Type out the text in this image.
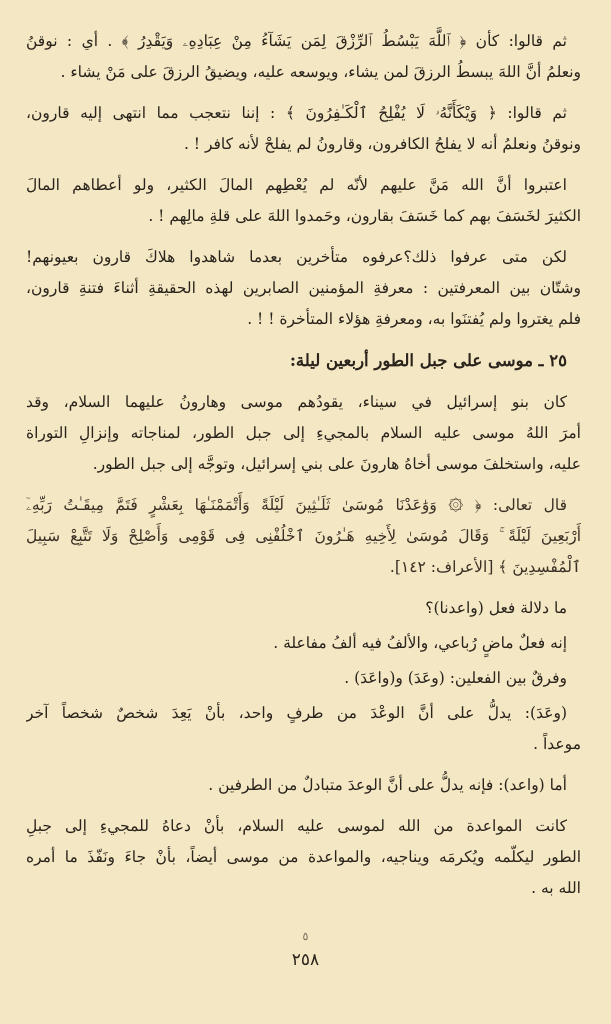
ثم قالوا: كأن ﴿ ٱللَّهَ يَبْسُطُ ٱلرِّزْقَ لِمَن يَشَآءُ مِنْ عِبَادِهِۦ وَيَقْدِرُ ﴾ . أي : نوقنُ
ونعلمُ أنَّ اللهَ يبسطُ الرزقَ لمن يشاء، ويوسعه عليه، ويضيقُ الرزقَ على مَنْ يشاء .
ثم قالوا: ﴿ وَيْكَأَنَّهُۥ لَا يُفْلِحُ ٱلْكَـٰفِرُونَ ﴾ : إننا نتعجب مما انتهى إليه قارون،
ونوقنُ ونعلمُ أنه لا يفلحُ الكافرون، وقارونُ لم يفلحْ لأنه كافر ! .
اعتبروا أنَّ الله مَنَّ عليهم لأنّه لم يُعْطِهم المالَ الكثير، ولو أعطاهم المالَ
الكثيرَ لخَسَفَ بهم كما خَسَفَ بقارون، وحَمدوا اللهَ على قلةِ مالِهم ! .
لكن متى عرفوا ذلك؟عرفوه متأخرين بعدما شاهدوا هلاكَ قارون بعيونهم!
وشتّان بين المعرفتين : معرفةِ المؤمنين الصابرين لهذه الحقيقةِ أثناءَ فتنةِ قارون،
فلم يغتروا ولم يُفتنَوا به، ومعرفةِ هؤلاء المتأخرة ! ! .
٢٥ ـ موسى على جبل الطور أربعين ليلة:
كان بنو إسرائيل في سيناء، يقودُهم موسى وهارونُ عليهما السلام، وقد
أمرَ اللهُ موسى عليه السلام بالمجيءِ إلى جبل الطور، لمناجاته وإنزالِ التوراة
عليه، واستخلفَ موسى أخاهُ هارونَ على بني إسرائيل، وتوجَّه إلى جبل الطور.
قال تعالى: ﴿ ۞ وَوَٰعَدْنَا مُوسَىٰ ثَلَـٰثِينَ لَيْلَةً وَأَتْمَمْنَـٰهَا بِعَشْرٍ فَتَمَّ مِيقَـٰتُ رَبِّهِۦٓ
أَرْبَعِينَ لَيْلَةً ۚ وَقَالَ مُوسَىٰ لِأَخِيهِ هَـٰرُونَ ٱخْلُفْنِى فِى قَوْمِى وَأَصْلِحْ وَلَا تَتَّبِعْ سَبِيلَ
ٱلْمُفْسِدِينَ ﴾ [الأعراف: ١٤٢].
ما دلالة فعل (واعدنا)؟
إنه فعلٌ ماضٍ رُباعي، والألفُ فيه ألفُ مفاعلة .
وفرقٌ بين الفعلين: (وعَدَ) و(واعَدَ) .
(وعَدَ): يدلُّ على أنَّ الوعْدَ من طرفٍ واحد، بأنْ يَعِدَ شخصٌ شخصاً آخر
موعداً .
أما (واعد): فإنه يدلُّ على أنَّ الوعدَ متبادلٌ من الطرفين .
كانت المواعدة من الله لموسى عليه السلام، بأنْ دعاهُ للمجيءِ إلى جبلِ
الطور ليكلّمه ويُكرمَه ويناجيه، والمواعدة من موسى أيضاً، بأنْ جاءَ ونَفّذَ ما أمره
الله به .
٥
٢٥٨
